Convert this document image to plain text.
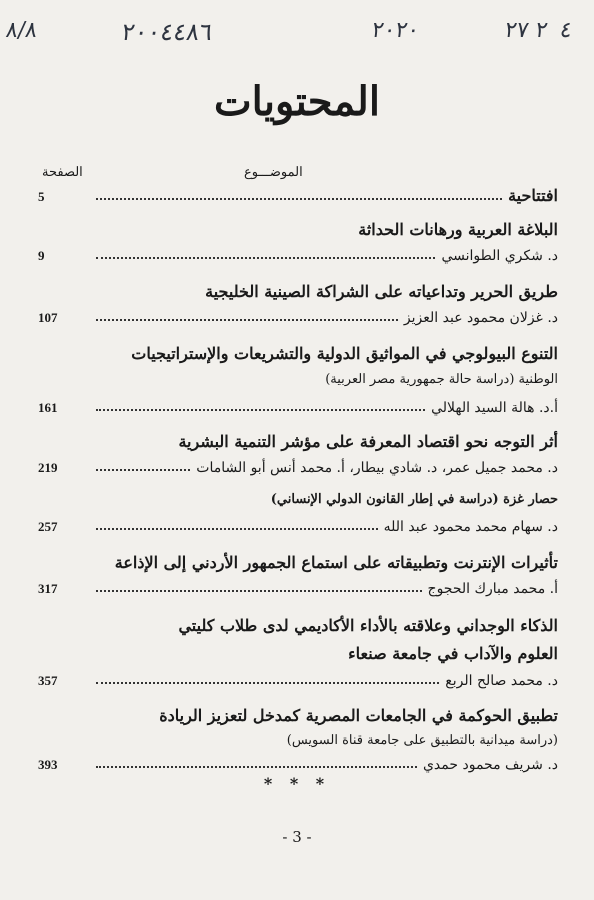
٨/٨	٢٠٠٤٤٨٦	٢٠٢٠	٢ ٢٧ ٤
المحتويات
الموضـــوع
الصفحة
5	افتتاحية
البلاغة العربية ورهانات الحداثة
9	د. شكري الطوانسي
طريق الحرير وتداعياته على الشراكة الصينية الخليجية
107	د. غزلان محمود عبد العزيز
التنوع البيولوجي في المواثيق الدولية والتشريعات والإستراتيجيات
الوطنية (دراسة حالة جمهورية مصر العربية)
161	أ.د. هالة السيد الهلالي
أثر التوجه نحو اقتصاد المعرفة على مؤشر التنمية البشرية
219	د. محمد جميل عمر، د. شادي بيطار، أ. محمد أنس أبو الشامات
حصار غزة (دراسة في إطار القانون الدولي الإنساني)
257	د. سهام محمد محمود عبد الله
تأثيرات الإنترنت وتطبيقاته على استماع الجمهور الأردني إلى الإذاعة
317	أ. محمد مبارك الحجوج
الذكاء الوجداني وعلاقته بالأداء الأكاديمي لدى طلاب كليتي
العلوم والآداب في جامعة صنعاء
357	د. محمد صالح الربع
تطبيق الحوكمة في الجامعات المصرية كمدخل لتعزيز الريادة
(دراسة ميدانية بالتطبيق على جامعة قناة السويس)
393	د. شريف محمود حمدي
* * *
- 3 -
